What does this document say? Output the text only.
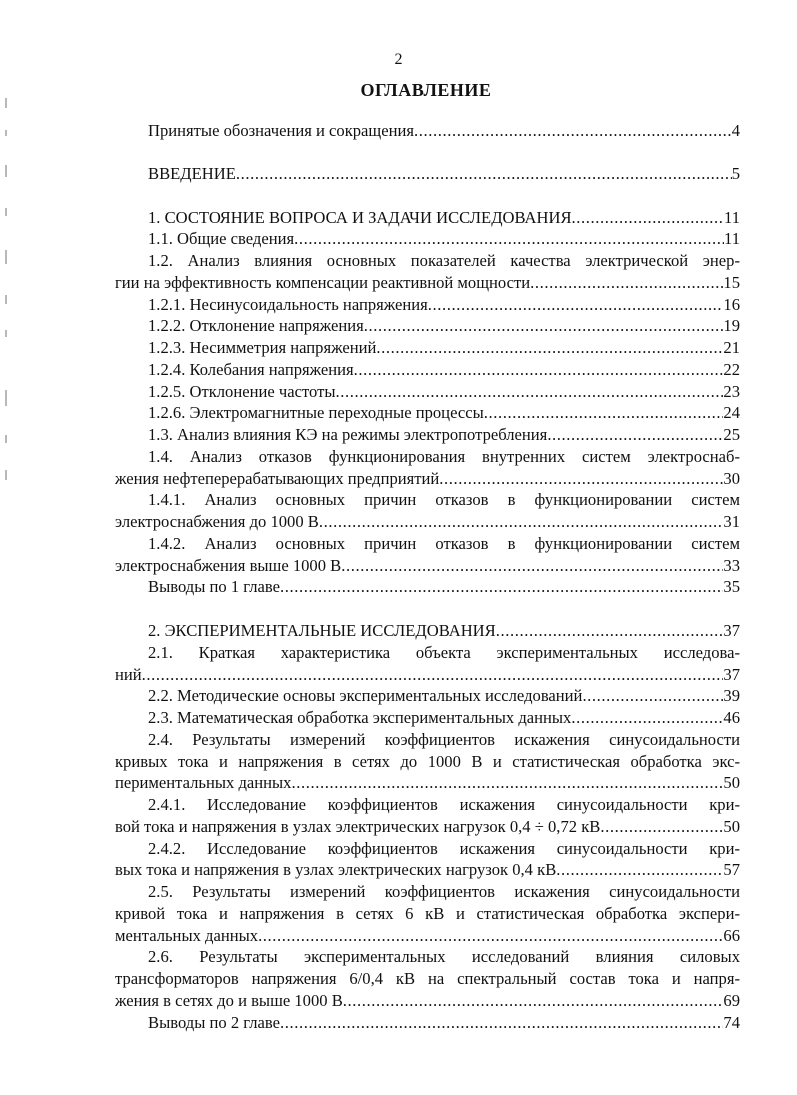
2
ОГЛАВЛЕНИЕ
Принятые обозначения и сокращения .....	4
ВВЕДЕНИЕ .....	5
1. СОСТОЯНИЕ ВОПРОСА И ЗАДАЧИ ИССЛЕДОВАНИЯ .....	11
1.1. Общие сведения .....	11
1.2. Анализ влияния основных показателей качества электрической энер-
гии на эффективность компенсации реактивной мощности .....	15
1.2.1. Несинусоидальность напряжения .....	16
1.2.2. Отклонение напряжения .....	19
1.2.3. Несимметрия напряжений .....	21
1.2.4. Колебания напряжения .....	22
1.2.5. Отклонение частоты .....	23
1.2.6. Электромагнитные переходные процессы .....	24
1.3. Анализ влияния КЭ на режимы электропотребления .....	25
1.4. Анализ отказов функционирования внутренних систем электроснаб-
жения нефтеперерабатывающих предприятий .....	30
1.4.1. Анализ основных причин отказов в функционировании систем
электроснабжения до 1000 В .....	31
1.4.2. Анализ основных причин отказов в функционировании систем
электроснабжения выше 1000 В .....	33
Выводы по 1 главе .....	35
2. ЭКСПЕРИМЕНТАЛЬНЫЕ ИССЛЕДОВАНИЯ .....	37
2.1. Краткая характеристика объекта экспериментальных исследова-
ний .....	37
2.2. Методические основы экспериментальных исследований .....	39
2.3. Математическая обработка экспериментальных данных .....	46
2.4. Результаты измерений коэффициентов искажения синусоидальности
кривых тока и напряжения в сетях до 1000 В и статистическая обработка экс-
периментальных данных .....	50
2.4.1. Исследование коэффициентов искажения синусоидальности кри-
вой тока и напряжения в узлах электрических нагрузок 0,4 ÷ 0,72 кВ .....	50
2.4.2. Исследование коэффициентов искажения синусоидальности кри-
вых тока и напряжения в узлах электрических нагрузок 0,4 кВ .....	57
2.5. Результаты измерений коэффициентов искажения синусоидальности
кривой тока и напряжения в сетях 6 кВ и статистическая обработка экспери-
ментальных данных .....	66
2.6. Результаты экспериментальных исследований влияния силовых
трансформаторов напряжения 6/0,4 кВ на спектральный состав тока и напря-
жения в сетях до и выше 1000 В .....	69
Выводы по 2 главе .....	74
